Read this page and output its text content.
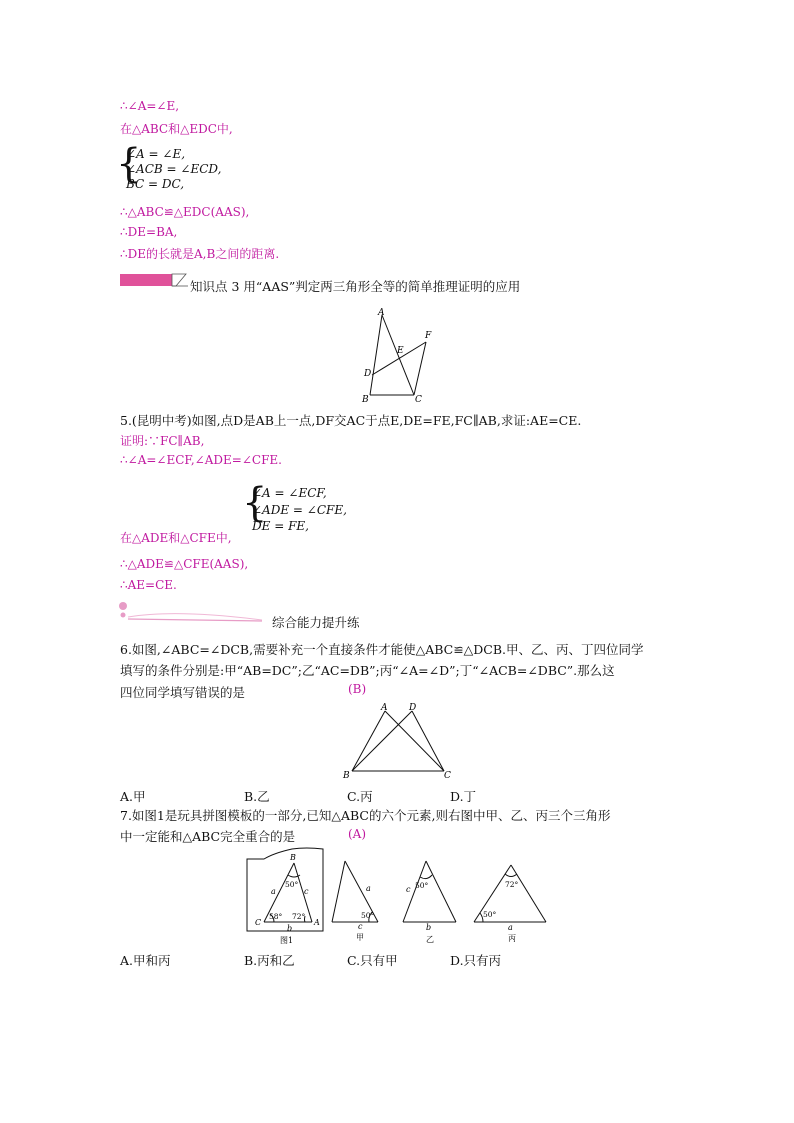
∴∠A=∠E,
在△ABC和△EDC中,
{
∠A = ∠E,
∠ACB = ∠ECD,
BC = DC,
∴△ABC≌△EDC(AAS),
∴DE=BA,
∴DE的长就是A,B之间的距离.
知识点 3 用“AAS”判定两三角形全等的简单推理证明的应用
A
B	C
D
E
F
5.(昆明中考)如图,点D是AB上一点,DF交AC于点E,DE=FE,FC∥AB,求证:AE=CE.
证明:∵FC∥AB,
∴∠A=∠ECF,∠ADE=∠CFE.
{
∠A = ∠ECF,
∠ADE = ∠CFE,
DE = FE,
在△ADE和△CFE中,
∴△ADE≌△CFE(AAS),
∴AE=CE.
综合能力提升练
6.如图,∠ABC=∠DCB,需要补充一个直接条件才能使△ABC≌△DCB.甲、乙、丙、丁四位同学
填写的条件分别是:甲“AB=DC”;乙“AC=DB”;丙“∠A=∠D”;丁“∠ACB=∠DBC”.那么这
四位同学填写错误的是	(B)
A D
B	C
A.甲	B.乙	C.丙	D.丁
7.如图1是玩具拼图模板的一部分,已知△ABC的六个元素,则右图中甲、乙、丙三个三角形
中一定能和△ABC完全重合的是	(A)
B
C	A
a	c
b
50°
58° 72°
图1
a
c
50°
甲
c
b
50°
乙
72°
50°
a
丙
A.甲和丙	B.丙和乙	C.只有甲	D.只有丙
